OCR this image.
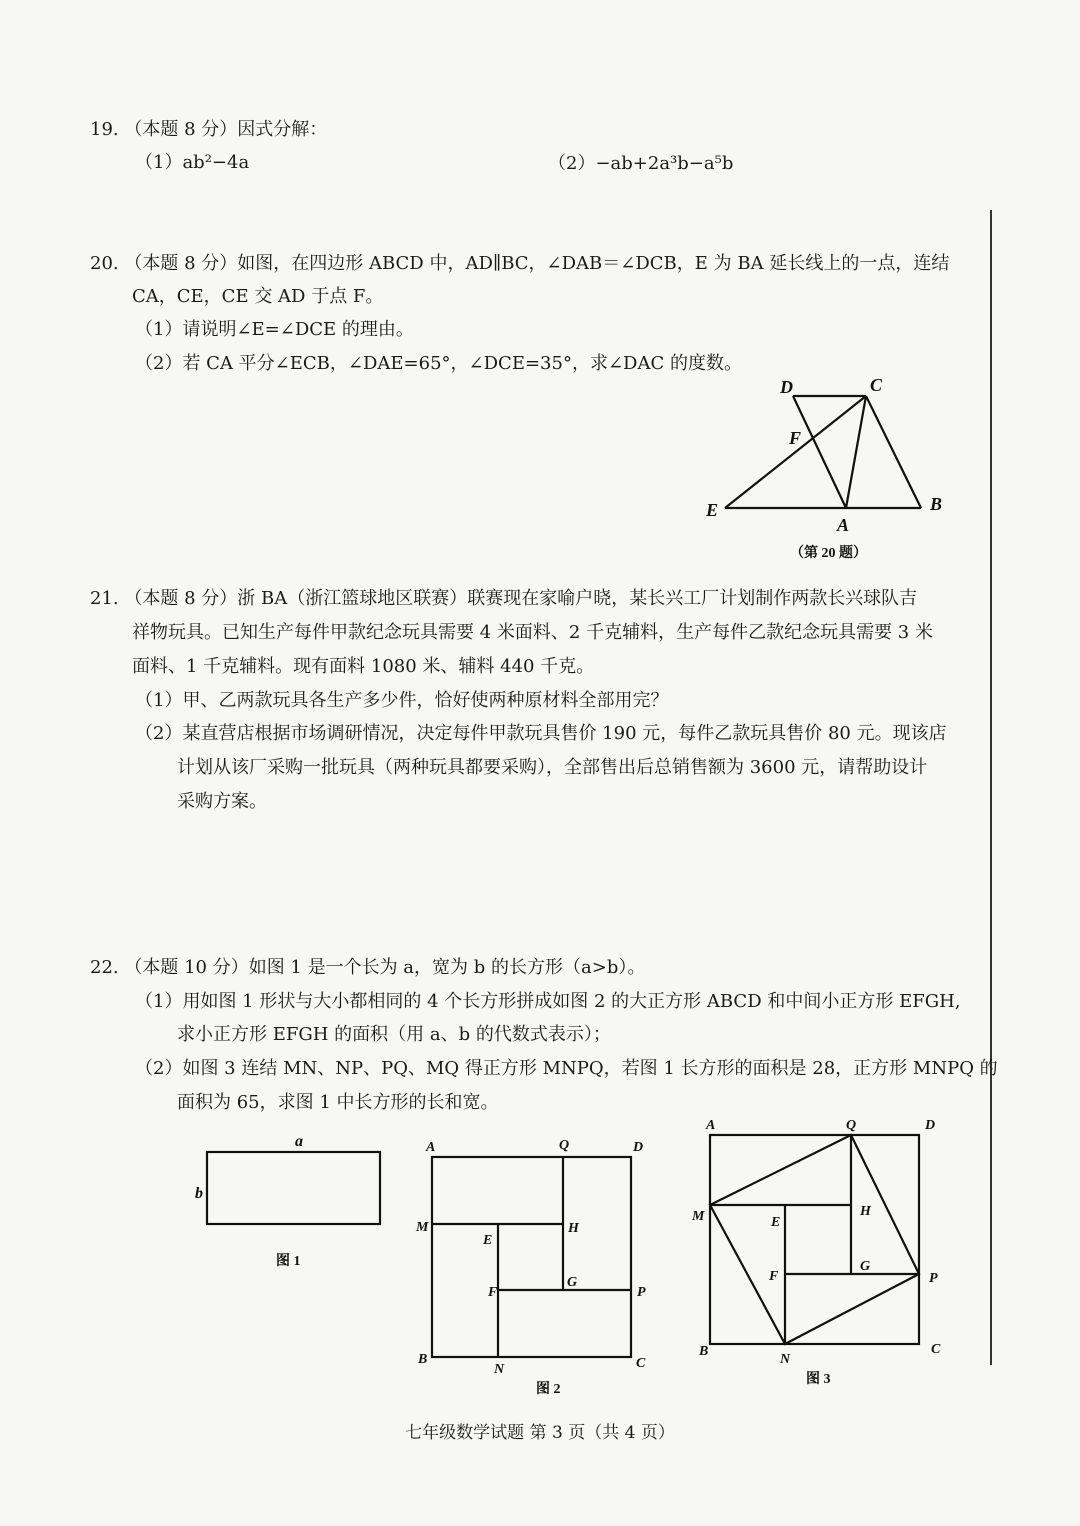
19. （本题 8 分）因式分解：
（1）ab²−4a	（2）−ab+2a³b−a⁵b
20. （本题 8 分）如图，在四边形 ABCD 中，AD∥BC，∠DAB＝∠DCB，E 为 BA 延长线上的一点，连结
CA，CE，CE 交 AD 于点 F。
（1）请说明∠E=∠DCE 的理由。
（2）若 CA 平分∠ECB，∠DAE=65°，∠DCE=35°，求∠DAC 的度数。
D	C
F
E
A
B
（第 20 题）
21. （本题 8 分）浙 BA（浙江篮球地区联赛）联赛现在家喻户晓，某长兴工厂计划制作两款长兴球队吉
祥物玩具。已知生产每件甲款纪念玩具需要 4 米面料、2 千克辅料，生产每件乙款纪念玩具需要 3 米
面料、1 千克辅料。现有面料 1080 米、辅料 440 千克。
（1）甲、乙两款玩具各生产多少件，恰好使两种原材料全部用完？
（2）某直营店根据市场调研情况，决定每件甲款玩具售价 190 元，每件乙款玩具售价 80 元。现该店
计划从该厂采购一批玩具（两种玩具都要采购），全部售出后总销售额为 3600 元，请帮助设计
采购方案。
22. （本题 10 分）如图 1 是一个长为 a，宽为 b 的长方形（a>b）。
（1）用如图 1 形状与大小都相同的 4 个长方形拼成如图 2 的大正方形 ABCD 和中间小正方形 EFGH,
求小正方形 EFGH 的面积（用 a、b 的代数式表示）；
（2）如图 3 连结 MN、NP、PQ、MQ 得正方形 MNPQ，若图 1 长方形的面积是 28，正方形 MNPQ 的
面积为 65，求图 1 中长方形的长和宽。
a
b
图 1
A	Q	D
M
E
H
F
G
P
B
N	C
图 2
A	Q	D
M	E
H
F
G
P
B
N
C
图 3
七年级数学试题 第 3 页（共 4 页）
